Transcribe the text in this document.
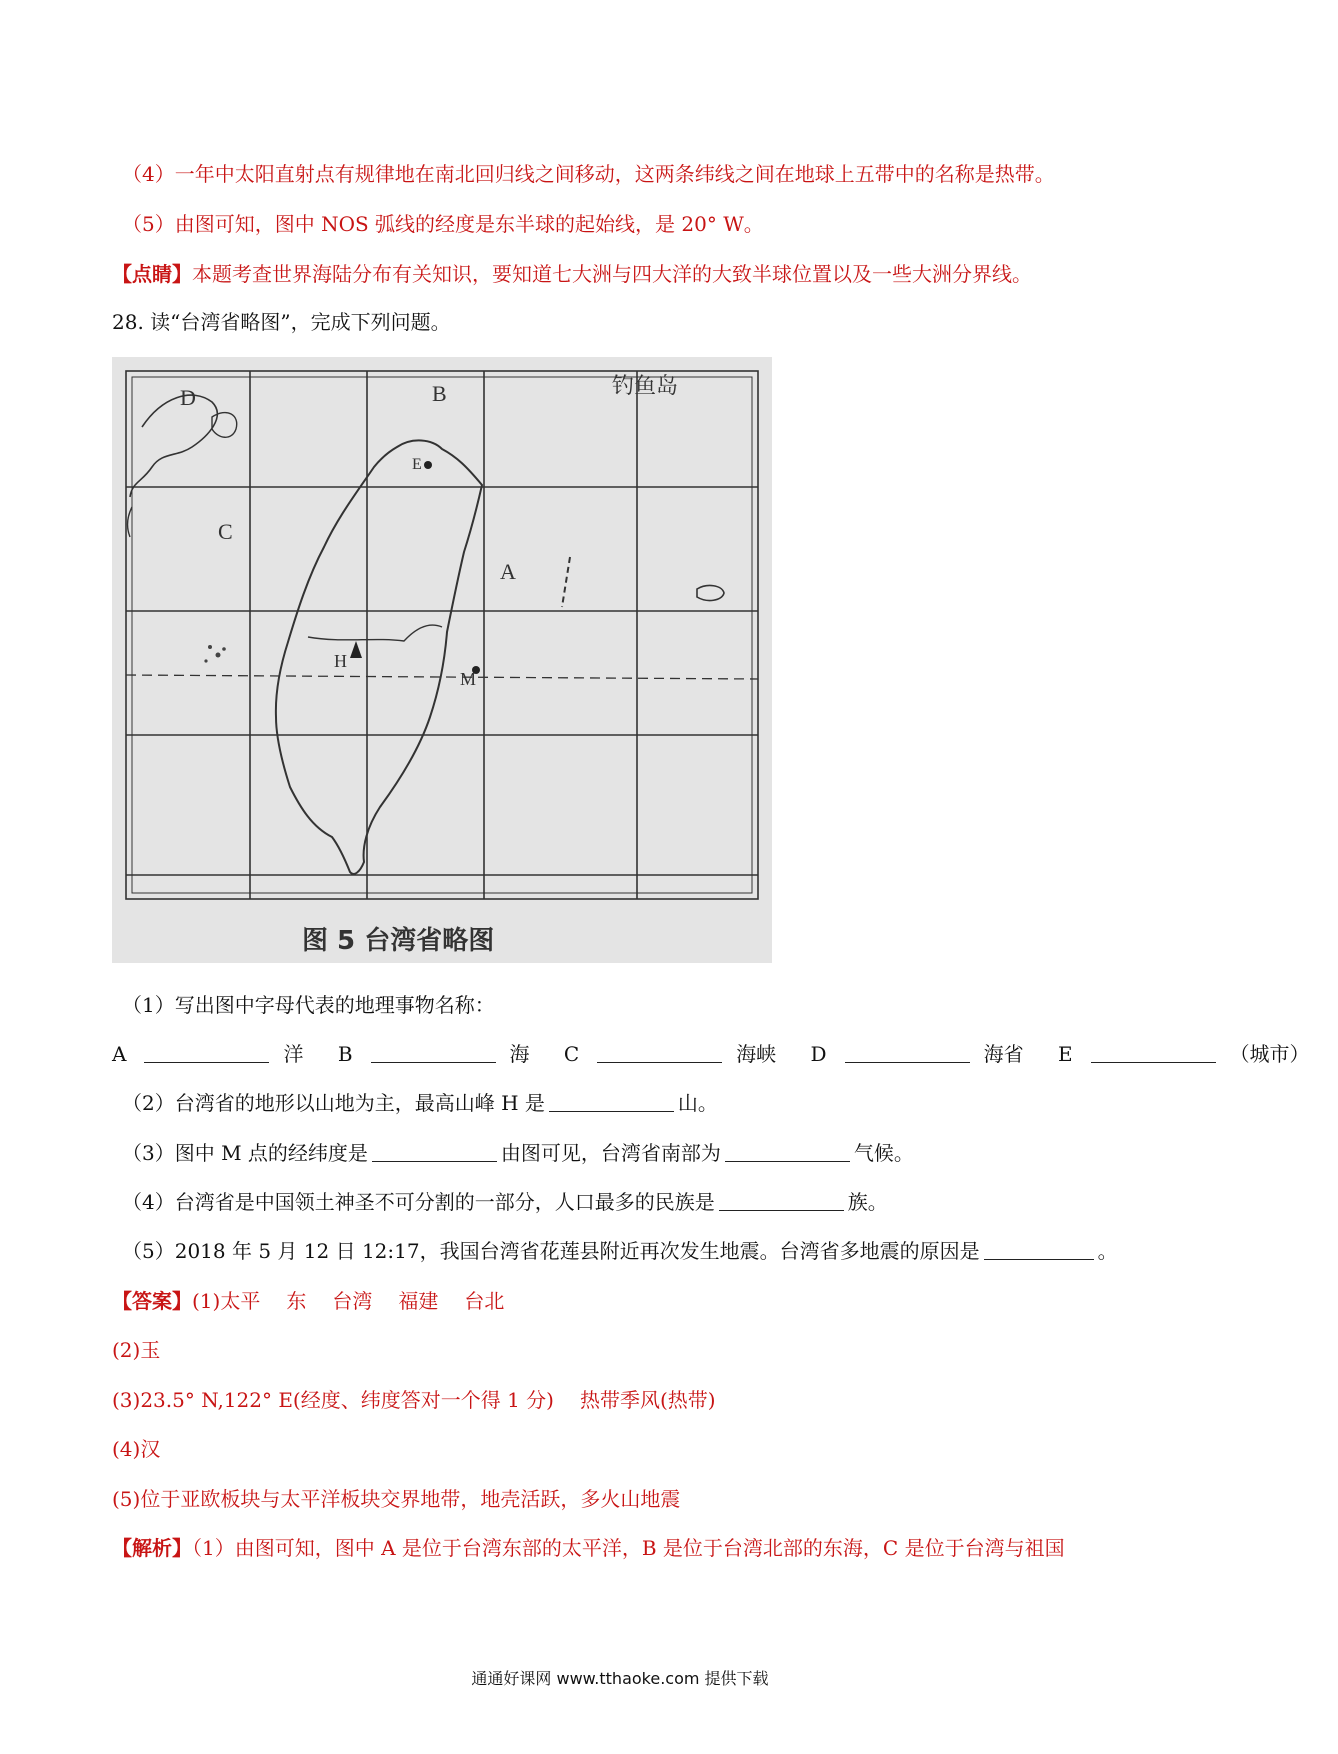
（4）一年中太阳直射点有规律地在南北回归线之间移动，这两条纬线之间在地球上五带中的名称是热带。
（5）由图可知，图中 NOS 弧线的经度是东半球的起始线，是 20° W。
【点睛】本题考查世界海陆分布有关知识，要知道七大洲与四大洋的大致半球位置以及一些大洲分界线。
28. 读“台湾省略图”，完成下列问题。
D	B
C
A
E
H
M
钓鱼岛
图 5 台湾省略图
（1）写出图中字母代表的地理事物名称：
A	洋 B	海 C	海峡 D	海省 E	（城市）
（2）台湾省的地形以山地为主，最高山峰 H 是	山。
（3）图中 M 点的经纬度是	由图可见，台湾省南部为	气候。
（4）台湾省是中国领土神圣不可分割的一部分，人口最多的民族是	族。
（5）2018 年 5 月 12 日 12:17，我国台湾省花莲县附近再次发生地震。台湾省多地震的原因是	。
【答案】(1)太平 东 台湾 福建 台北
(2)玉
(3)23.5° N,122° E(经度、纬度答对一个得 1 分) 热带季风(热带)
(4)汉
(5)位于亚欧板块与太平洋板块交界地带，地壳活跃，多火山地震
【解析】（1）由图可知，图中 A 是位于台湾东部的太平洋，B 是位于台湾北部的东海，C 是位于台湾与祖国
通通好课网 www.tthaoke.com 提供下载
